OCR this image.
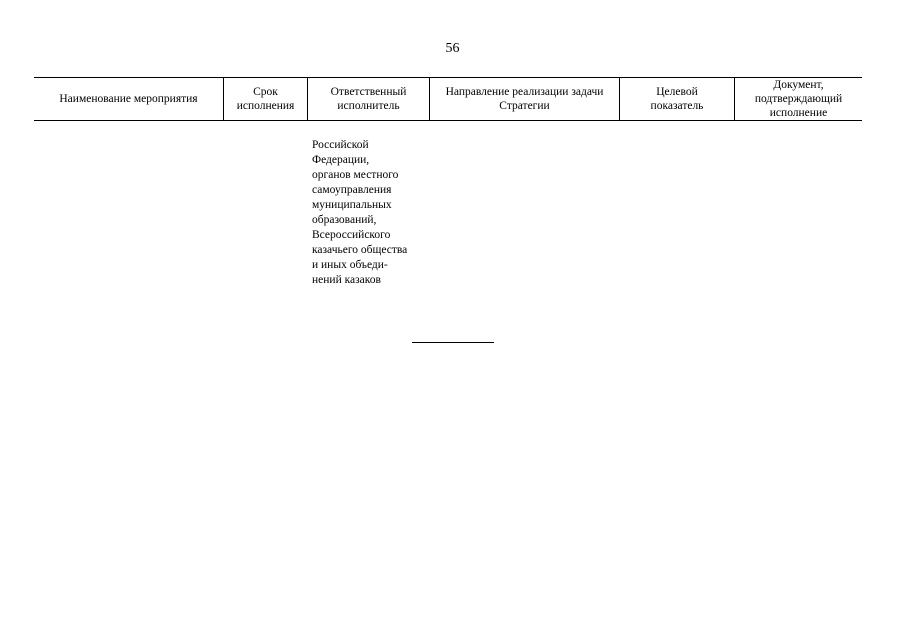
56
Наименование мероприятия
Срок
исполнения
Ответственный
исполнитель
Направление реализации задачи
Стратегии
Целевой
показатель
Документ,
подтверждающий
исполнение
Российской
Федерации,
органов местного
самоуправления
муниципальных
образований,
Всероссийского
казачьего общества
и иных объеди-
нений казаков
